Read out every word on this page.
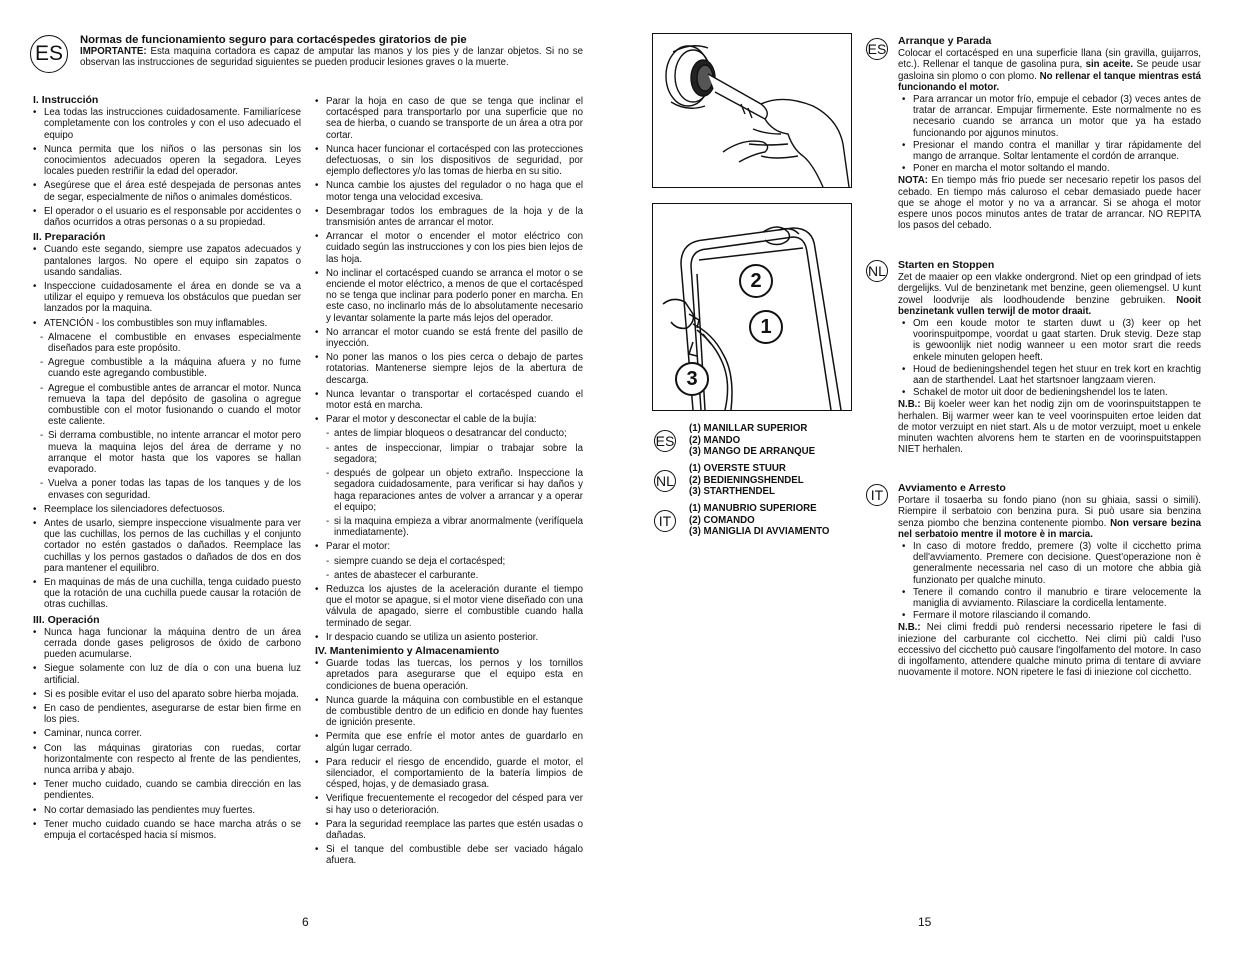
ES
Normas de funcionamiento seguro para cortacéspedes giratorios de pie
IMPORTANTE: Esta maquina cortadora es capaz de amputar las manos y los pies y de lanzar objetos. Si no se observan las instrucciones de seguridad siguientes se pueden producir lesiones graves o la muerte.
I. Instrucción
• Lea todas las instrucciones cuidadosamente. Familiarícese completamente con los controles y con el uso adecuado el equipo
• Nunca permita que los niños o las personas sin los conocimientos adecuados operen la segadora. Leyes locales pueden restriñir la edad del operador.
• Asegúrese que el área esté despejada de personas antes de segar, especialmente de niños o animales domésticos.
• El operador o el usuario es el responsable por accidentes o daños ocurridos a otras personas o a su propiedad.
II. Preparación
• Cuando este segando, siempre use zapatos adecuados y pantalones largos. No opere el equipo sin zapatos o usando sandalias.
• Inspeccione cuidadosamente el área en donde se va a utilizar el equipo y remueva los obstáculos que puedan ser lanzados por la maquina.
• ATENCIÓN - los combustibles son muy inflamables.
- Almacene el combustible en envases especialmente diseñados para este propósito.
- Agregue combustible a la máquina afuera y no fume cuando este agregando combustible.
- Agregue el combustible antes de arrancar el motor. Nunca remueva la tapa del depósito de gasolina o agregue combustible con el motor fusionando o cuando el motor este caliente.
- Si derrama combustible, no intente arrancar el motor pero mueva la maquina lejos del área de derrame y no arranque el motor hasta que los vapores se hallan evaporado.
- Vuelva a poner todas las tapas de los tanques y de los envases con seguridad.
• Reemplace los silenciadores defectuosos.
• Antes de usarlo, siempre inspeccione visualmente para ver que las cuchillas, los pernos de las cuchillas y el conjunto cortador no estén gastados o dañados. Reemplace las cuchillas y los pernos gastados o dañados de dos en dos para mantener el equilibro.
• En maquinas de más de una cuchilla, tenga cuidado puesto que la rotación de una cuchilla puede causar la rotación de otras cuchillas.
III. Operación
• Nunca haga funcionar la máquina dentro de un área cerrada donde gases peligrosos de óxido de carbono pueden acumularse.
• Siegue solamente con luz de día o con una buena luz artificial.
• Si es posible evitar el uso del aparato sobre hierba mojada.
• En caso de pendientes, asegurarse de estar bien firme en los pies.
• Caminar, nunca correr.
• Con las máquinas giratorias con ruedas, cortar horizontalmente con respecto al frente de las pendientes, nunca arriba y abajo.
• Tener mucho cuidado, cuando se cambia dirección en las pendientes.
• No cortar demasiado las pendientes muy fuertes.
• Tener mucho cuidado cuando se hace marcha atrás o se empuja el cortacésped hacia sí mismos.
• Parar la hoja en caso de que se tenga que inclinar el cortacésped para transportarlo por una superficie que no sea de hierba, o cuando se transporte de un área a otra por cortar.
• Nunca hacer funcionar el cortacésped con las protecciones defectuosas, o sin los dispositivos de seguridad, por ejemplo deflectores y/o las tomas de hierba en su sitio.
• Nunca cambie los ajustes del regulador o no haga que el motor tenga una velocidad excesiva.
• Desembragar todos los embragues de la hoja y de la transmisión antes de arrancar el motor.
• Arrancar el motor o encender el motor eléctrico con cuidado según las instrucciones y con los pies bien lejos de las hoja.
• No inclinar el cortacésped cuando se arranca el motor o se enciende el motor eléctrico, a menos de que el cortacésped no se tenga que inclinar para poderlo poner en marcha. En este caso, no inclinarlo más de lo absolutamente necesario y levantar solamente la parte más lejos del operador.
• No arrancar el motor cuando se está frente del pasillo de inyección.
• No poner las manos o los pies cerca o debajo de partes rotatorias. Mantenerse siempre lejos de la abertura de descarga.
• Nunca levantar o transportar el cortacésped cuando el motor está en marcha.
• Parar el motor y desconectar el cable de la bujía:
- antes de limpiar bloqueos o desatrancar del conducto;
- antes de inspeccionar, limpiar o trabajar sobre la segadora;
- después de golpear un objeto extraño. Inspeccione la segadora cuidadosamente, para verificar si hay daños y haga reparaciones antes de volver a arrancar y a operar el equipo;
- si la maquina empieza a vibrar anormalmente (verifíquela inmediatamente).
• Parar el motor:
- siempre cuando se deja el cortacésped;
- antes de abastecer el carburante.
• Reduzca los ajustes de la aceleración durante el tiempo que el motor se apague, si el motor viene diseñado con una válvula de apagado, sierre el combustible cuando halla terminado de segar.
• Ir despacio cuando se utiliza un asiento posterior.
IV. Mantenimiento y Almacenamiento
• Guarde todas las tuercas, los pernos y los tornillos apretados para asegurarse que el equipo esta en condiciones de buena operación.
• Nunca guarde la máquina con combustible en el estanque de combustible dentro de un edificio en donde hay fuentes de ignición presente.
• Permita que ese enfríe el motor antes de guardarlo en algún lugar cerrado.
• Para reducir el riesgo de encendido, guarde el motor, el silenciador, el comportamiento de la batería limpios de césped, hojas, y de demasiado grasa.
• Verifique frecuentemente el recogedor del césped para ver si hay uso o deterioración.
• Para la seguridad reemplace las partes que estén usadas o dañadas.
• Si el tanque del combustible debe ser vaciado hágalo afuera.
6
2
1
3
ES
(1) MANILLAR SUPERIOR
(2) MANDO
(3) MANGO DE ARRANQUE
NL
(1) OVERSTE STUUR
(2) BEDIENINGSHENDEL
(3) STARTHENDEL
IT
(1) MANUBRIO SUPERIORE
(2) COMANDO
(3) MANIGLIA DI AVVIAMENTO
ES Arranque y Parada

Colocar el cortacésped en una superficie llana (sin gravilla, guijarros, etc.). Rellenar el tanque de gasolina pura, sin aceite. Se peude usar gasloina sin plomo o con plomo. No rellenar el tanque mientras está funcionando el motor.

• Para arrancar un motor frío, empuje el cebador (3) veces antes de tratar de arrancar. Empujar firmemente. Este normalmente no es necesario cuando se arranca un motor que ya ha estado funcionando por ajgunos minutos.
• Presionar el mando contra el manillar y tirar rápidamente del mango de arranque. Soltar lentamente el cordón de arranque.
• Poner en marcha el motor soltando el mando.

NOTA: En tiempo más frio puede ser necesario repetir los pasos del cebado. En tiempo más caluroso el cebar demasiado puede hacer que se ahoge el motor y no va a arrancar. Si se ahoga el motor espere unos pocos minutos antes de tratar de arrancar. NO REPITA los pasos del cebado.

NL Starten en Stoppen

Zet de maaier op een vlakke ondergrond. Niet op een grindpad of iets dergelijks. Vul de benzinetank met benzine, geen oliemengsel. U kunt zowel loodvrije als loodhoudende benzine gebruiken. Nooit benzinetank vullen terwijl de motor draait.

• Om een koude motor te starten duwt u (3) keer op het voorinspuitpompe, voordat u gaat starten. Druk stevig. Deze stap is gewoonlijk niet nodig wanneer u een motor srart die reeds enkele minuten gelopen heeft.
• Houd de bedieningshendel tegen het stuur en trek kort en krachtig aan de starthendel. Laat het startsnoer langzaam vieren.
• Schakel de motor uit door de bedieningshendel los te laten.

N.B.: Bij koeler weer kan het nodig zijn om de voorinspuitstappen te herhalen. Bij warmer weer kan te veel voorinspuiten ertoe leiden dat de motor verzuipt en niet start. Als u de motor verzuipt, moet u enkele minuten wachten alvorens hem te starten en de voorinspuitstappen NIET herhalen.

IT	Avviamento e Arresto

Portare il tosaerba su fondo piano (non su ghiaia, sassi o simili). Riempire il serbatoio con benzina pura. Si può usare sia benzina senza piombo che benzina contenente piombo. Non versare bezina nel serbatoio mentre il motore è in marcia.

• In caso di motore freddo, premere (3) volte il cicchetto prima dell'avviamento. Premere con decisione. Quest'operazione non è generalmente necessaria nel caso di un motore che abbia già funzionato per qualche minuto.
• Tenere il comando contro il manubrio e tirare velocemente la maniglia di avviamento. Rilasciare la cordicella lentamente.
• Fermare il motore rilasciando il comando.

N.B.: Nei climi freddi può rendersi necessario ripetere le fasi di iniezione del carburante col cicchetto. Nei climi più caldi l'uso eccessivo del cicchetto può causare l'ingolfamento del motore. In caso di ingolfamento, attendere qualche minuto prima di tentare di avviare nuovamente il motore. NON ripetere le fasi di iniezione col cicchetto.

15
